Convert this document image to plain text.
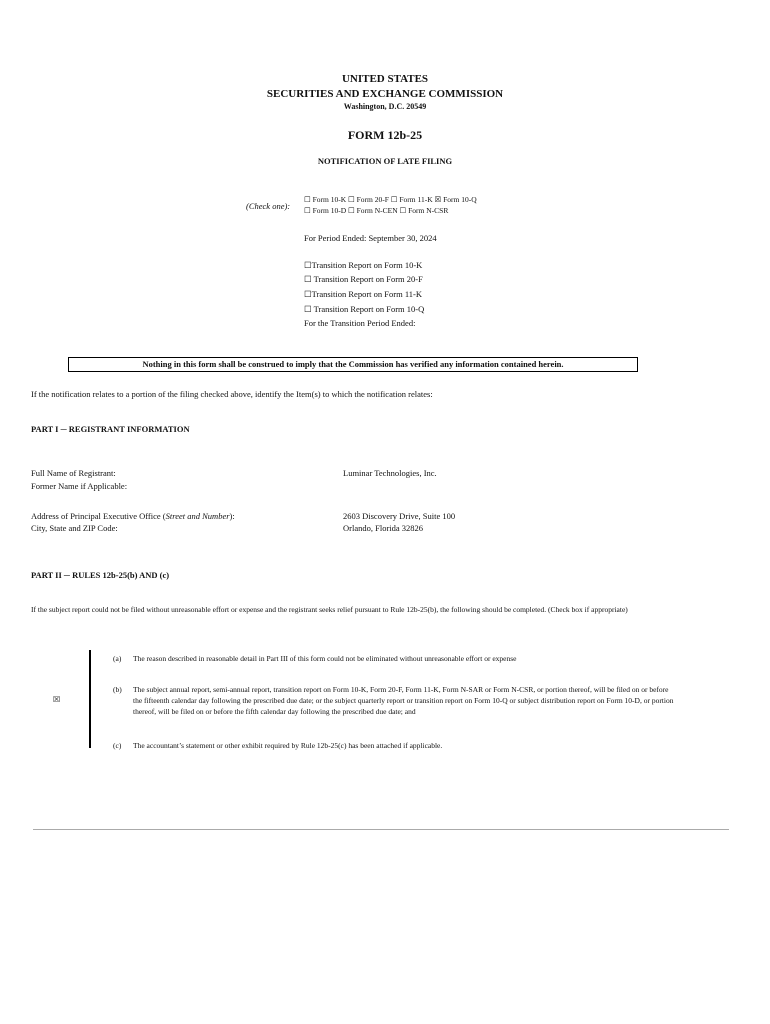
UNITED STATES
SECURITIES AND EXCHANGE COMMISSION
Washington, D.C. 20549
FORM 12b-25
NOTIFICATION OF LATE FILING
(Check one):
☐ Form 10-K ☐ Form 20-F ☐ Form 11-K ☒ Form 10-Q
☐ Form 10-D ☐ Form N-CEN ☐ Form N-CSR
For Period Ended: September 30, 2024
☐Transition Report on Form 10-K
☐ Transition Report on Form 20-F
☐Transition Report on Form 11-K
☐ Transition Report on Form 10-Q
For the Transition Period Ended:
Nothing in this form shall be construed to imply that the Commission has verified any information contained herein.
If the notification relates to a portion of the filing checked above, identify the Item(s) to which the notification relates:
PART I ─ REGISTRANT INFORMATION
Full Name of Registrant:	Luminar Technologies, Inc.
Former Name if Applicable:
Address of Principal Executive Office (Street and Number):	2603 Discovery Drive, Suite 100
City, State and ZIP Code:	Orlando, Florida 32826
PART II ─ RULES 12b-25(b) AND (c)
If the subject report could not be filed without unreasonable effort or expense and the registrant seeks relief pursuant to Rule 12b-25(b), the following should be completed. (Check box if appropriate)
☒
(a) The reason described in reasonable detail in Part III of this form could not be eliminated without unreasonable effort or expense
(b) The subject annual report, semi-annual report, transition report on Form 10-K, Form 20-F, Form 11-K, Form N-SAR or Form N-CSR, or portion thereof, will be filed on or before the fifteenth calendar day following the prescribed due date; or the subject quarterly report or transition report on Form 10-Q or subject distribution report on Form 10-D, or portion thereof, will be filed on or before the fifth calendar day following the prescribed due date; and
(c) The accountant’s statement or other exhibit required by Rule 12b-25(c) has been attached if applicable.
